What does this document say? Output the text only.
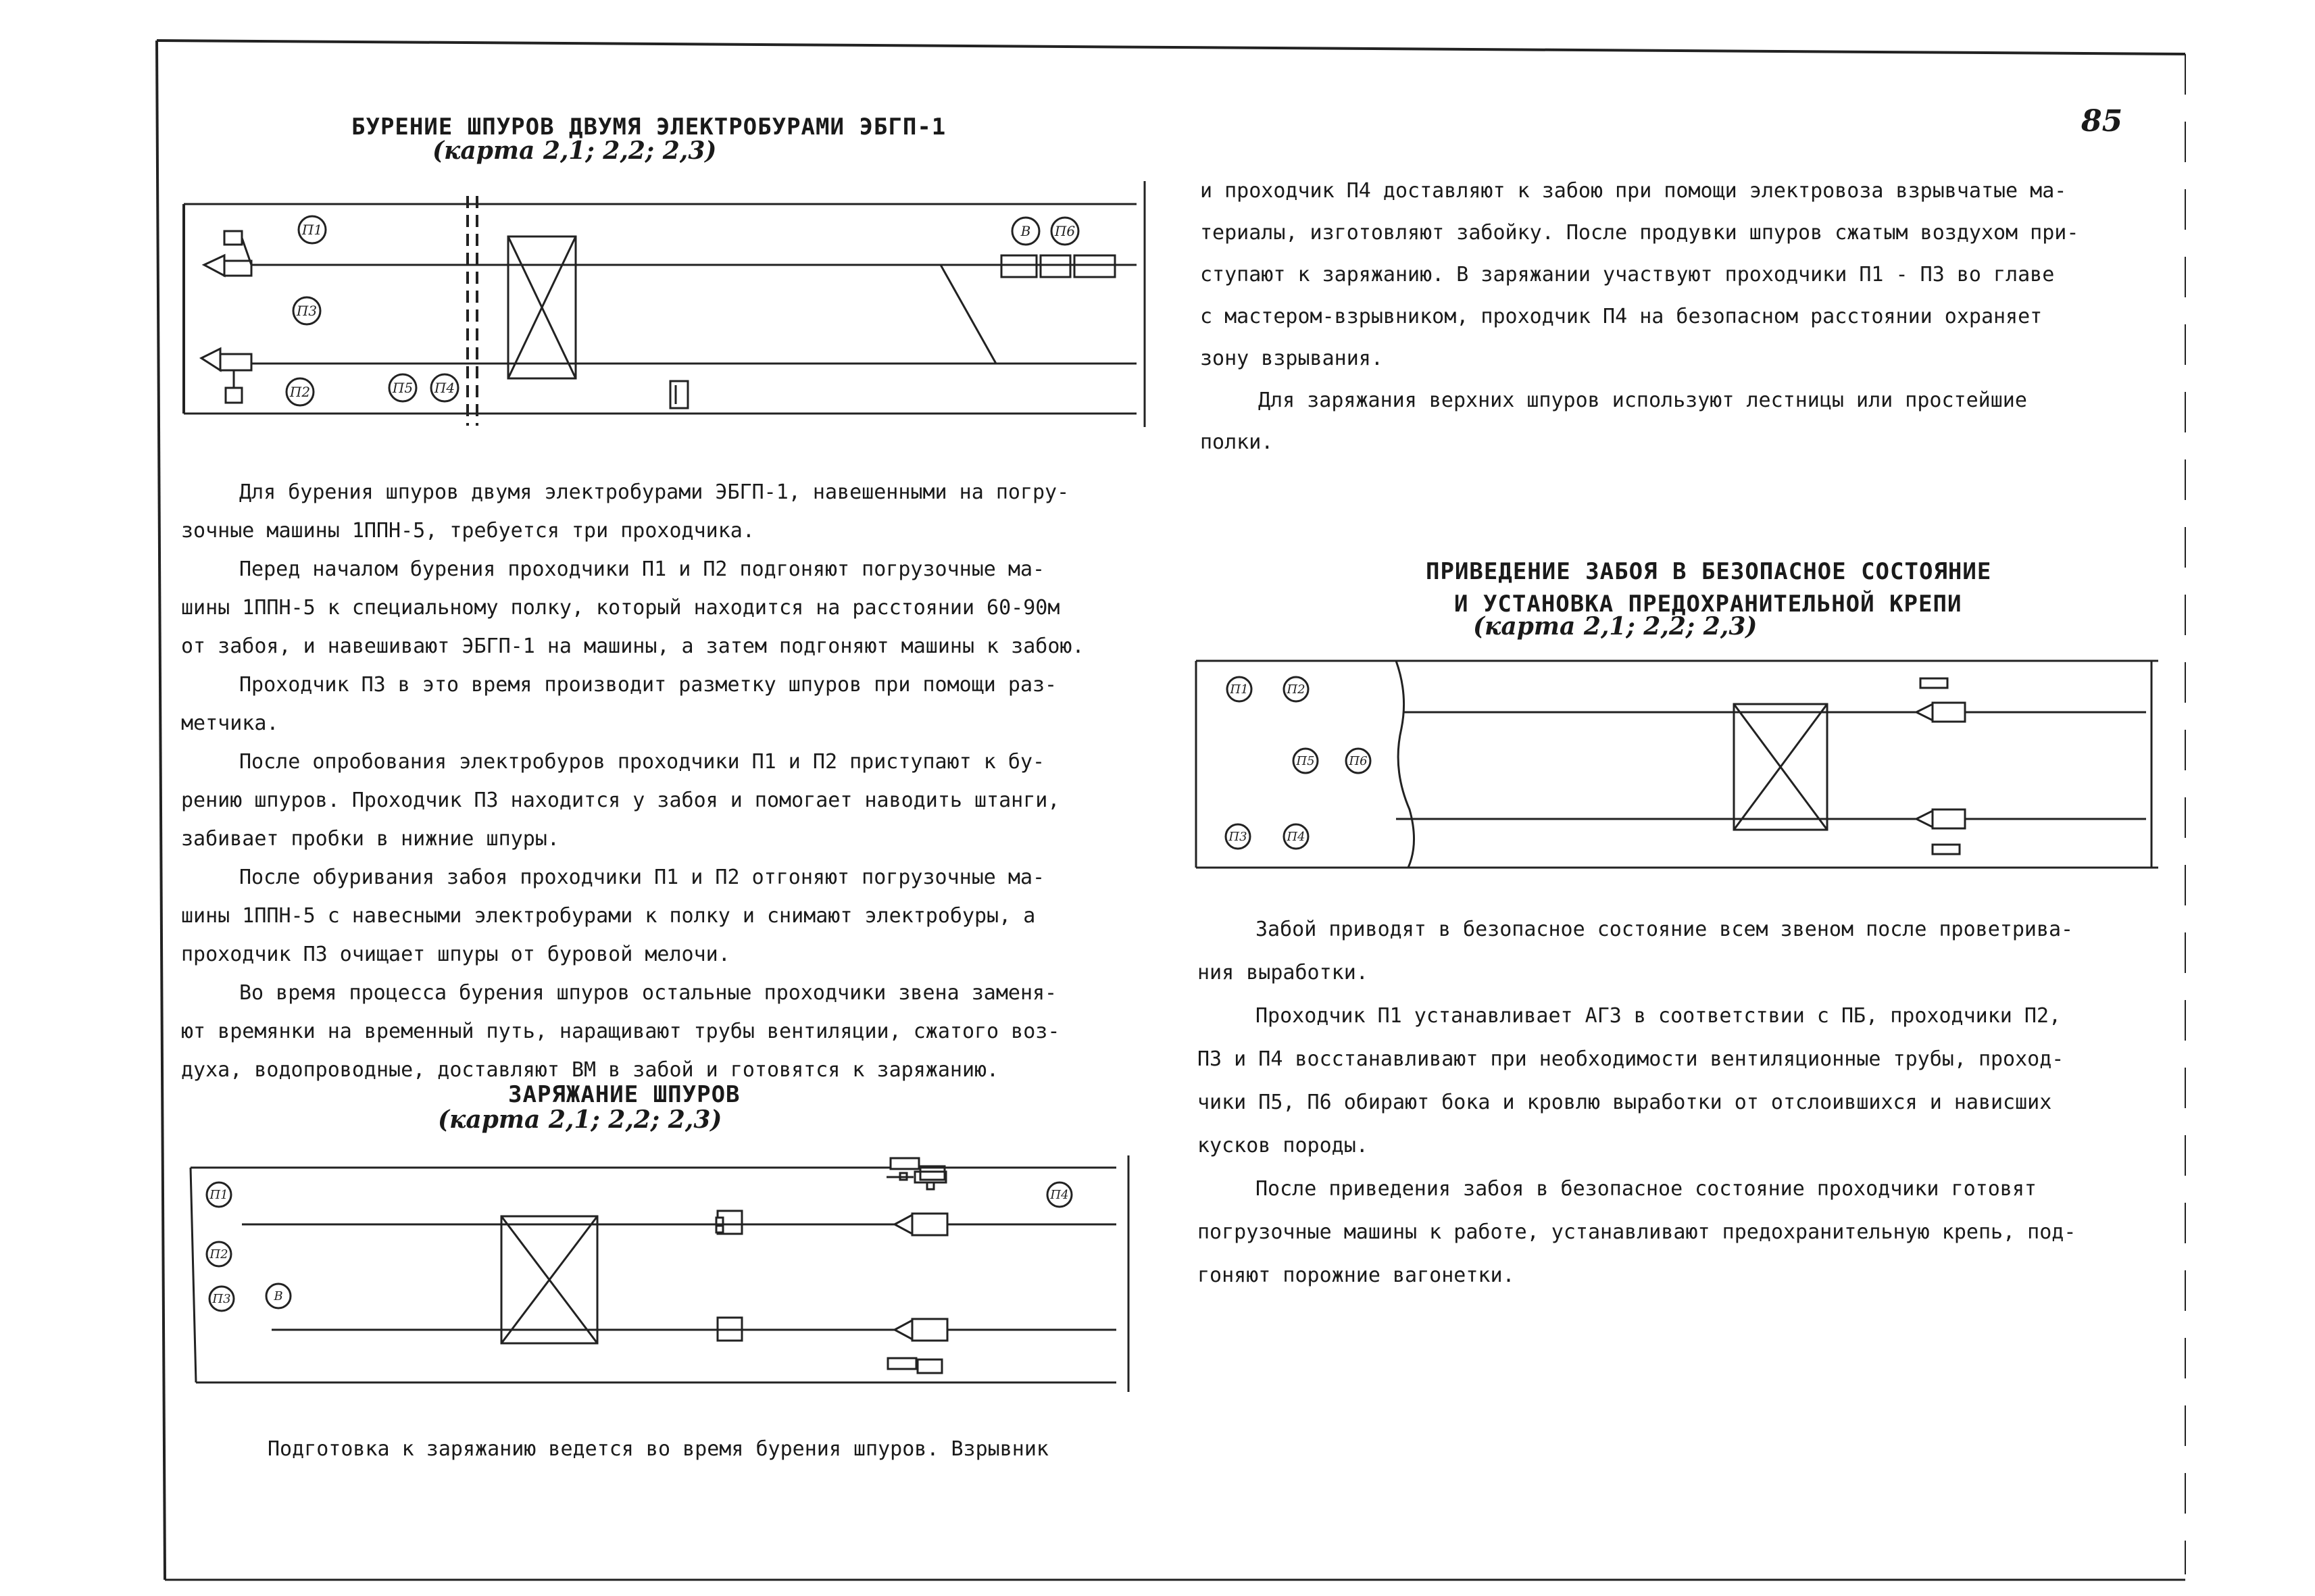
85
БУРЕНИЕ ШПУРОВ ДВУМЯ ЭЛЕКТРОБУРАМИ ЭБГП-1
(карта 2,1; 2,2; 2,3)
П1
П3
П2
В П6
П5 П4

Для бурения шпуров двумя электробурами ЭБГП-1, навешенными на погру-

зочные машины 1ППН-5, требуется три проходчика.

Перед началом бурения проходчики П1 и П2 подгоняют погрузочные ма-

шины 1ППН-5 к специальному полку, который находится на расстоянии 60-90м

от забоя, и навешивают ЭБГП-1 на машины, а затем подгоняют машины к забою.

Проходчик П3 в это время производит разметку шпуров при помощи раз-

метчика.

После опробования электробуров проходчики П1 и П2 приступают к бу-

рению шпуров. Проходчик П3 находится у забоя и помогает наводить штанги,

забивает пробки в нижние шпуры.

После обуривания забоя проходчики П1 и П2 отгоняют погрузочные ма-

шины 1ППН-5 с навесными электробурами к полку и снимают электробуры, а

проходчик П3 очищает шпуры от буровой мелочи.

Во время процесса бурения шпуров остальные проходчики звена заменя-

ют времянки на временный путь, наращивают трубы вентиляции, сжатого воз-

духа, водопроводные, доставляют ВМ в забой и готовятся к заряжанию.

ЗАРЯЖАНИЕ ШПУРОВ
(карта 2,1; 2,2; 2,3)
П1
П2
П3	В
П4
Подготовка к заряжанию ведется во время бурения шпуров. Взрывник

и проходчик П4 доставляют к забою при помощи электровоза взрывчатые ма-

териалы, изготовляют забойку. После продувки шпуров сжатым воздухом при-

ступают к заряжанию. В заряжании участвуют проходчики П1 - П3 во главе

с мастером-взрывником, проходчик П4 на безопасном расстоянии охраняет

зону взрывания.

Для заряжания верхних шпуров используют лестницы или простейшие

полки.

ПРИВЕДЕНИЕ ЗАБОЯ В БЕЗОПАСНОЕ СОСТОЯНИЕ
И УСТАНОВКА ПРЕДОХРАНИТЕЛЬНОЙ КРЕПИ
(карта 2,1; 2,2; 2,3)
П1	П2
П5	П6
П3	П4

Забой приводят в безопасное состояние всем звеном после проветрива-

ния выработки.

Проходчик П1 устанавливает АГЗ в соответствии с ПБ, проходчики П2,

П3 и П4 восстанавливают при необходимости вентиляционные трубы, проход-

чики П5, П6 обирают бока и кровлю выработки от отслоившихся и нависших

кусков породы.

После приведения забоя в безопасное состояние проходчики готовят

погрузочные машины к работе, устанавливают предохранительную крепь, под-

гоняют порожние вагонетки.
